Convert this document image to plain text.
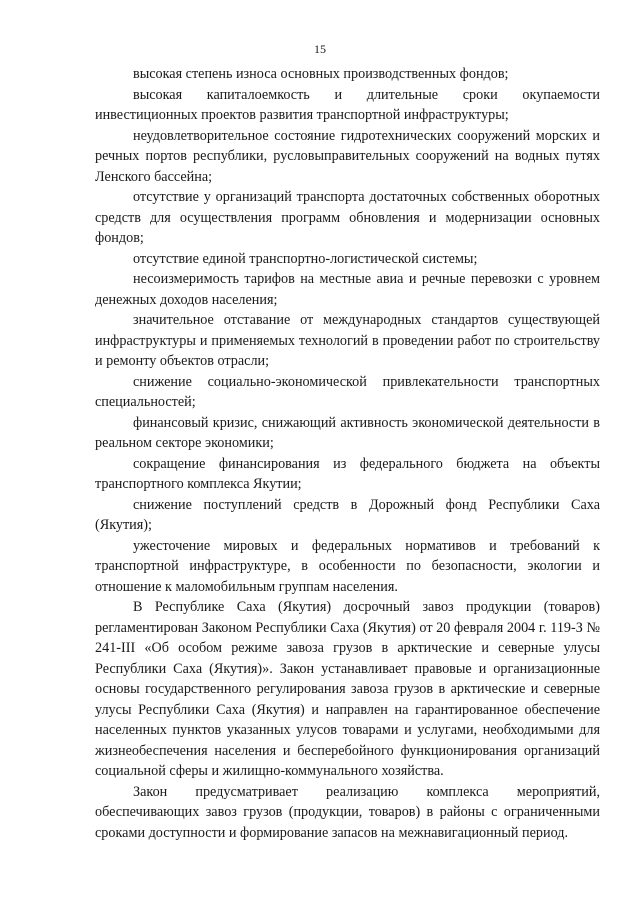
15

высокая степень износа основных производственных фондов;

высокая капиталоемкость и длительные сроки окупаемости инвестиционных проектов развития транспортной инфраструктуры;

неудовлетворительное состояние гидротехнических сооружений морских и речных портов республики, русловыправительных сооружений на водных путях Ленского бассейна;

отсутствие у организаций транспорта достаточных собственных оборотных средств для осуществления программ обновления и модернизации основных фондов;

отсутствие единой транспортно-логистической системы;

несоизмеримость тарифов на местные авиа и речные перевозки с уровнем денежных доходов населения;

значительное отставание от международных стандартов существующей инфраструктуры и применяемых технологий в проведении работ по строительству и ремонту объектов отрасли;

снижение социально-экономической привлекательности транспортных специальностей;

финансовый кризис, снижающий активность экономической деятельности в реальном секторе экономики;

сокращение финансирования из федерального бюджета на объекты транспортного комплекса Якутии;

снижение поступлений средств в Дорожный фонд Республики Саха (Якутия);

ужесточение мировых и федеральных нормативов и требований к транспортной инфраструктуре, в особенности по безопасности, экологии и отношение к маломобильным группам населения.

В Республике Саха (Якутия) досрочный завоз продукции (товаров) регламентирован Законом Республики Саха (Якутия) от 20 февраля 2004 г. 119-З № 241-III «Об особом режиме завоза грузов в арктические и северные улусы Республики Саха (Якутия)». Закон устанавливает правовые и организационные основы государственного регулирования завоза грузов в арктические и северные улусы Республики Саха (Якутия) и направлен на гарантированное обеспечение населенных пунктов указанных улусов товарами и услугами, необходимыми для жизнеобеспечения населения и бесперебойного функционирования организаций социальной сферы и жилищно-коммунального хозяйства.

Закон предусматривает реализацию комплекса мероприятий, обеспечивающих завоз грузов (продукции, товаров) в районы с ограниченными сроками доступности и формирование запасов на межнавигационный период.
